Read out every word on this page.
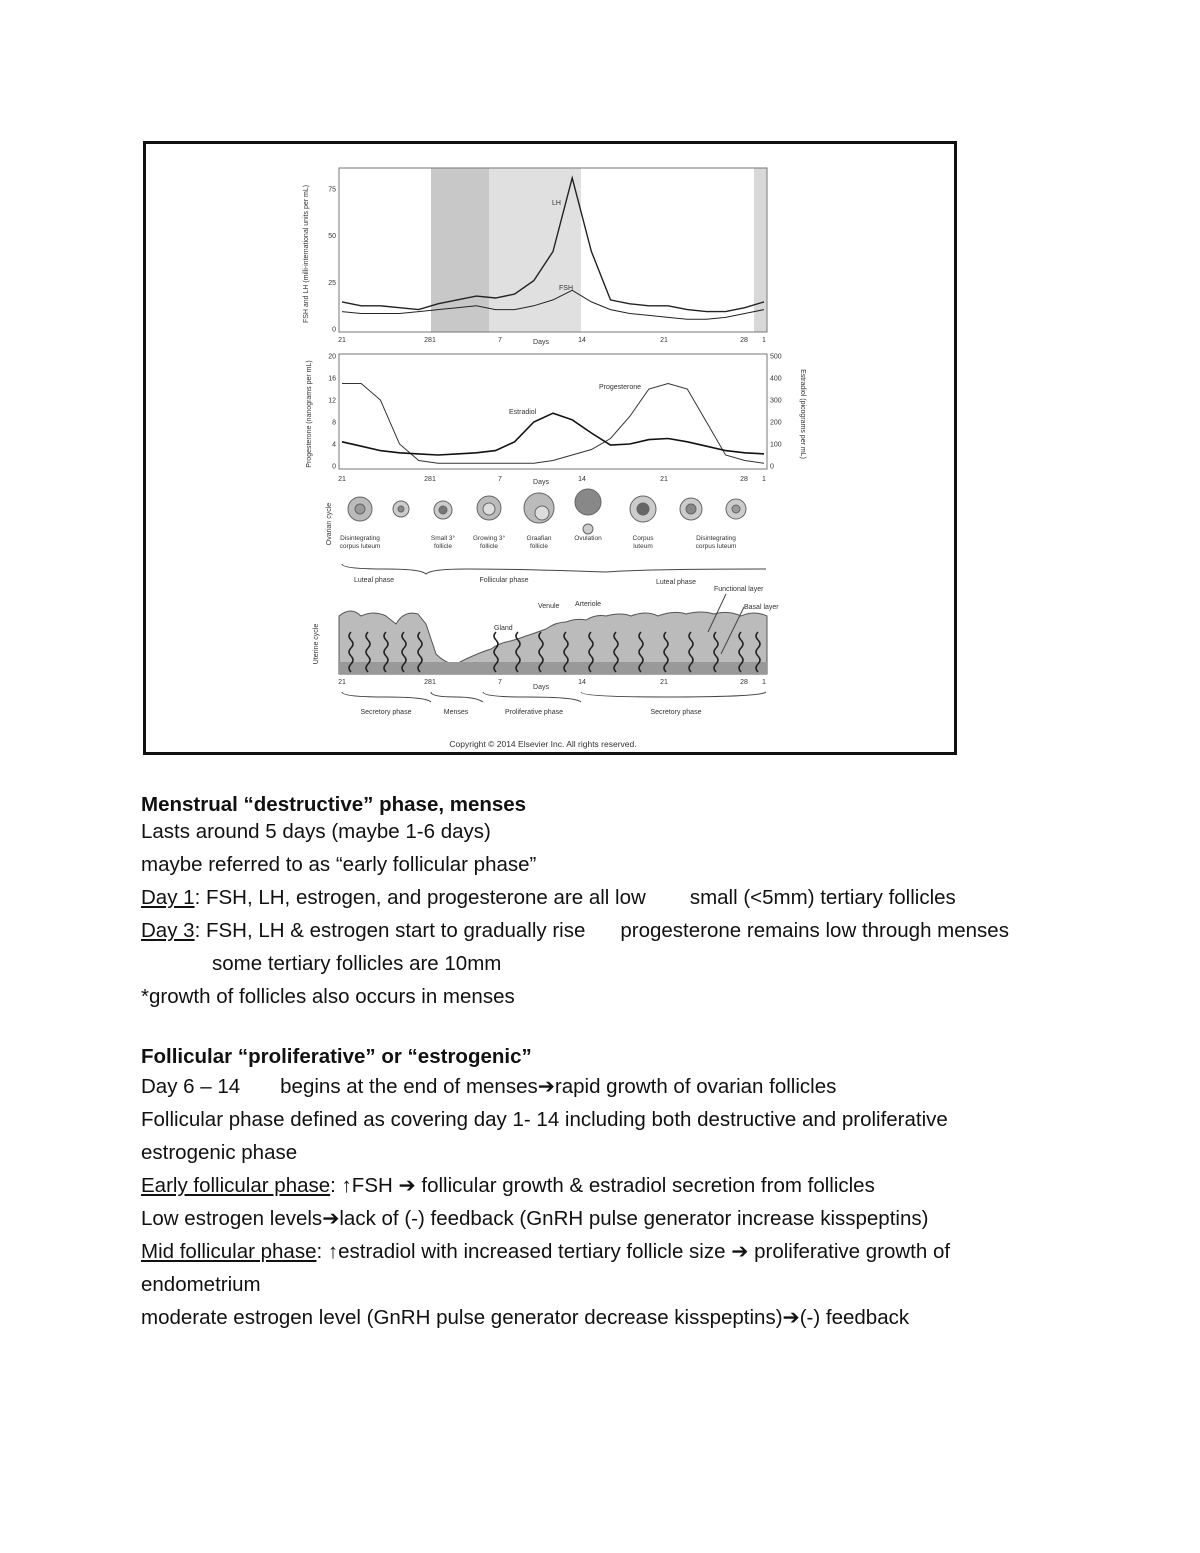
75
50
25
0
FSH and LH (milli-international units per mL)	LH
FSH
21	28 1	7	14	21	28 1
Days
20
16
12
8
4
0
500
400
300
200
100
0
Progesterone (nanograms per mL)	Estradiol (picograms per mL)
Estradiol
Progesterone
21	28 1	7	14	21	28 1
Days
Ovarian cycle Disintegrating
corpus luteum
Small 3°
follicle
Growing 3°
follicle
Graafian
follicle
Ovulation	Corpus
luteum
Disintegrating
corpus luteum
Luteal phase	Follicular phase	Luteal phase
Uterine cycle	Gland
Venule Arteriole
Functional layer
Basal layer
21	28 1	7	14	21	28 1
Days
Secretory phase	Menses	Proliferative phase	Secretory phase
Copyright © 2014 Elsevier Inc. All rights reserved.
Menstrual “destructive” phase, menses
Lasts around 5 days (maybe 1-6 days)
maybe referred to as “early follicular phase”
Day 1: FSH, LH, estrogen, and progesterone are all low small (<5mm) tertiary follicles
Day 3: FSH, LH & estrogen start to gradually rise progesterone remains low through menses
some tertiary follicles are 10mm
*growth of follicles also occurs in menses
Follicular “proliferative” or “estrogenic”
Day 6 – 14 begins at the end of menses➔rapid growth of ovarian follicles
Follicular phase defined as covering day 1- 14 including both destructive and proliferative
estrogenic phase
Early follicular phase: ↑FSH ➔ follicular growth & estradiol secretion from follicles
Low estrogen levels➔lack of (-) feedback (GnRH pulse generator increase kisspeptins)
Mid follicular phase: ↑estradiol with increased tertiary follicle size ➔ proliferative growth of
endometrium
moderate estrogen level (GnRH pulse generator decrease kisspeptins)➔(-) feedback
